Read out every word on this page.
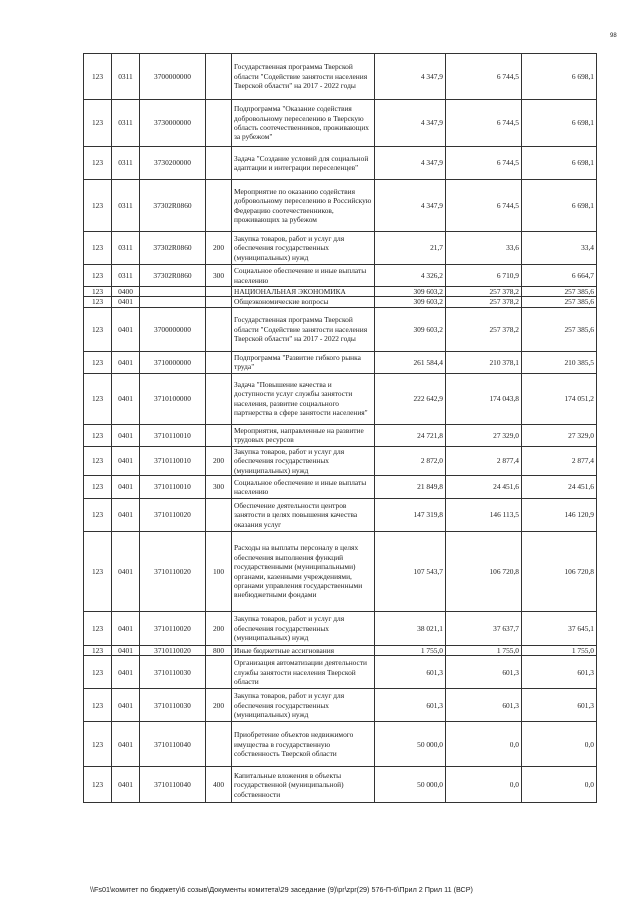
98
123	0311	3700000000		Государственная программа Тверской области "Содействие занятости населения Тверской области" на 2017 - 2022 годы	4 347,9	6 744,5	6 698,1
123	0311	3730000000		Подпрограмма "Оказание содействия добровольному переселению в Тверскую область соотечественников, проживающих за рубежом"	4 347,9	6 744,5	6 698,1
123	0311	3730200000		Задача "Создание условий для социальной адаптации и интеграции переселенцев"	4 347,9	6 744,5	6 698,1
123	0311	37302R0860		Мероприятие по оказанию содействия добровольному переселению в Российскую Федерацию соотечественников, проживающих за рубежом	4 347,9	6 744,5	6 698,1
123	0311	37302R0860	200	Закупка товаров, работ и услуг для обеспечения государственных (муниципальных) нужд	21,7	33,6	33,4
123	0311	37302R0860	300	Социальное обеспечение и иные выплаты населению	4 326,2	6 710,9	6 664,7
123	0400			НАЦИОНАЛЬНАЯ ЭКОНОМИКА	309 603,2	257 378,2	257 385,6
123	0401			Общеэкономические вопросы	309 603,2	257 378,2	257 385,6
123	0401	3700000000		Государственная программа Тверской области "Содействие занятости населения Тверской области" на 2017 - 2022 годы	309 603,2	257 378,2	257 385,6
123	0401	3710000000		Подпрограмма "Развитие гибкого рынка труда"	261 584,4	210 378,1	210 385,5
123	0401	3710100000		Задача "Повышение качества и доступности услуг службы занятости населения, развитие социального партнерства в сфере занятости населения"	222 642,9	174 043,8	174 051,2
123	0401	3710110010		Мероприятия, направленные на развитие трудовых ресурсов	24 721,8	27 329,0	27 329,0
123	0401	3710110010	200	Закупка товаров, работ и услуг для обеспечения государственных (муниципальных) нужд	2 872,0	2 877,4	2 877,4
123	0401	3710110010	300	Социальное обеспечение и иные выплаты населению	21 849,8	24 451,6	24 451,6
123	0401	3710110020		Обеспечение деятельности центров занятости в целях повышения качества оказания услуг	147 319,8	146 113,5	146 120,9
123	0401	3710110020	100	Расходы на выплаты персоналу в целях обеспечения выполнения функций государственными (муниципальными) органами, казенными учреждениями, органами управления государственными внебюджетными фондами	107 543,7	106 720,8	106 720,8
123	0401	3710110020	200	Закупка товаров, работ и услуг для обеспечения государственных (муниципальных) нужд	38 021,1	37 637,7	37 645,1
123	0401	3710110020	800	Иные бюджетные ассигнования	1 755,0	1 755,0	1 755,0
123	0401	3710110030		Организация автоматизации деятельности службы занятости населения Тверской области	601,3	601,3	601,3
123	0401	3710110030	200	Закупка товаров, работ и услуг для обеспечения государственных (муниципальных) нужд	601,3	601,3	601,3
123	0401	3710110040		Приобретение объектов недвижимого имущества в государственную собственность Тверской области	50 000,0	0,0	0,0
123	0401	3710110040	400	Капитальные вложения в объекты государственной (муниципальной) собственности	50 000,0	0,0	0,0
\\Fs01\комитет по бюджету\6 созыв\Документы комитета\29 заседание (9)\pr\zpr(29) 576-П-6\Прил 2 Прил 11 (ВСР)
